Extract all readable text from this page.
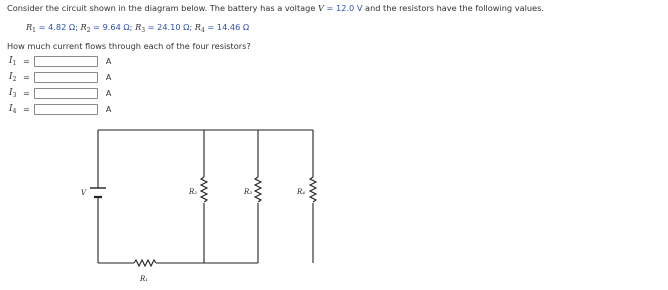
Consider the circuit shown in the diagram below. The battery has a voltage V = 12.0 V and the resistors have the following values.
$R_1 = 4.82$ Ω; $R_2 = 9.64$ Ω; $R_3 = 24.10$ Ω; $R_4 = 14.46$ Ω
How much current flows through each of the four resistors?
$I_1$ =	A
$I_2$ =	A
$I_3$ =	A
$I_4$ =	A
V
R₁
R₂	R₃	R₄
